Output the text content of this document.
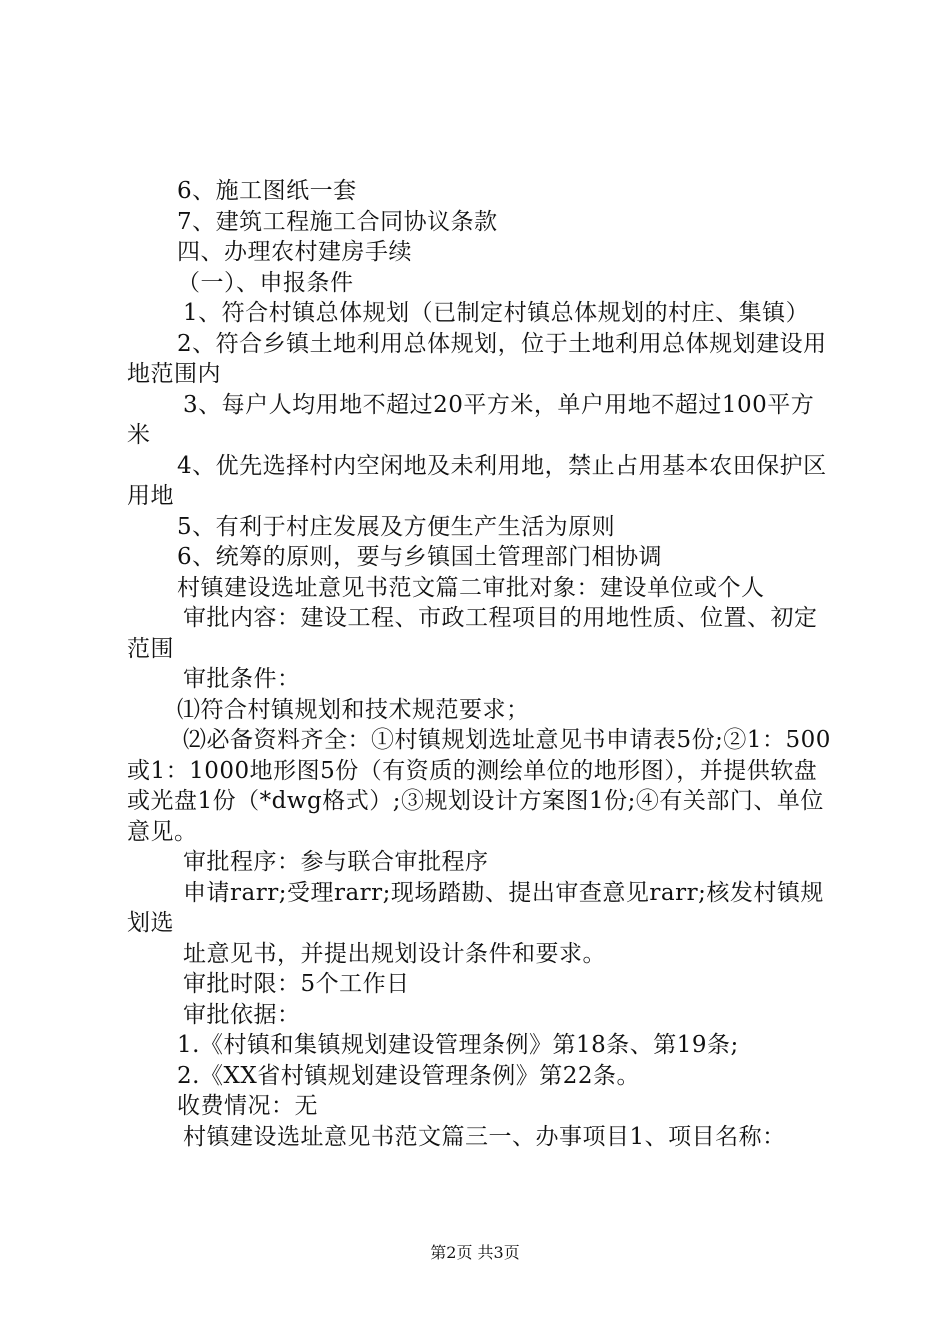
6、施工图纸一套

7、建筑工程施工合同协议条款

四、办理农村建房手续

（一）、申报条件

1、符合村镇总体规划（已制定村镇总体规划的村庄、集镇）

2、符合乡镇土地利用总体规划，位于土地利用总体规划建设用地范围内

3、每户人均用地不超过20平方米，单户用地不超过100平方米

4、优先选择村内空闲地及未利用地，禁止占用基本农田保护区用地

5、有利于村庄发展及方便生产生活为原则

6、统筹的原则，要与乡镇国土管理部门相协调

村镇建设选址意见书范文篇二审批对象：建设单位或个人

审批内容：建设工程、市政工程项目的用地性质、位置、初定范围

审批条件：

⑴符合村镇规划和技术规范要求；

⑵必备资料齐全：①村镇规划选址意见书申请表5份;②1：500或1：1000地形图5份（有资质的测绘单位的地形图），并提供软盘或光盘1份（*dwg格式）;③规划设计方案图1份;④有关部门、单位意见。

审批程序：参与联合审批程序

申请rarr;受理rarr;现场踏勘、提出审查意见rarr;核发村镇规划选

址意见书，并提出规划设计条件和要求。

审批时限：5个工作日

审批依据：

1.《村镇和集镇规划建设管理条例》第18条、第19条;

2.《XX省村镇规划建设管理条例》第22条。

收费情况：无

村镇建设选址意见书范文篇三一、办事项目1、项目名称：

第2页 共3页
